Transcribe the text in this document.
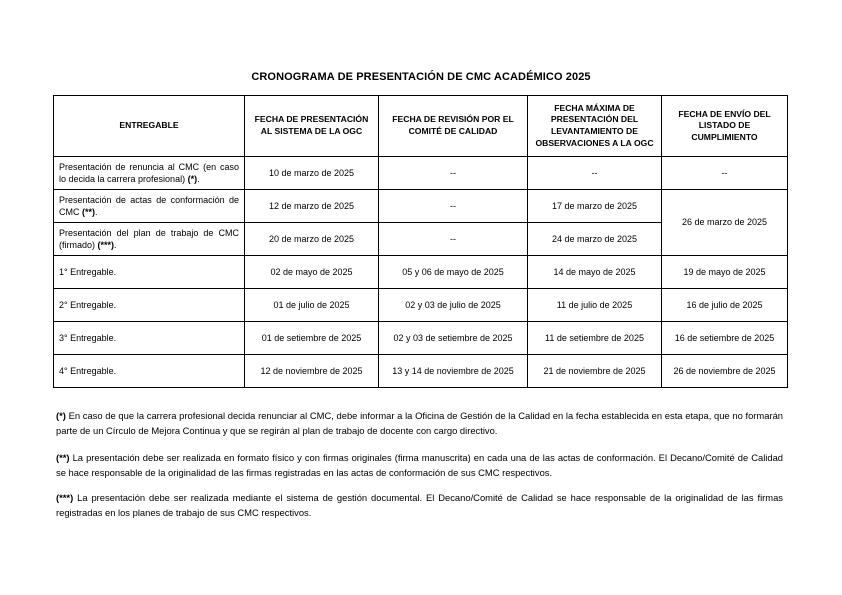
CRONOGRAMA DE PRESENTACIÓN DE CMC ACADÉMICO 2025
ENTREGABLE	FECHA DE PRESENTACIÓN AL SISTEMA DE LA OGC	FECHA DE REVISIÓN POR EL COMITÉ DE CALIDAD	FECHA MÁXIMA DE PRESENTACIÓN DEL LEVANTAMIENTO DE OBSERVACIONES A LA OGC	FECHA DE ENVÍO DEL LISTADO DE CUMPLIMIENTO
Presentación de renuncia al CMC (en caso lo decida la carrera profesional) (*).	10 de marzo de 2025	--	--	--
Presentación de actas de conformación de CMC (**).	12 de marzo de 2025	--	17 de marzo de 2025	26 de marzo de 2025
Presentación del plan de trabajo de CMC (firmado) (***).	20 de marzo de 2025	--	24 de marzo de 2025	
1° Entregable.	02 de mayo de 2025	05 y 06 de mayo de 2025	14 de mayo de 2025	19 de mayo de 2025
2° Entregable.	01 de julio de 2025	02 y 03 de julio de 2025	11 de julio de 2025	16 de julio de 2025
3° Entregable.	01 de setiembre de 2025	02 y 03 de setiembre de 2025	11 de setiembre de 2025	16 de setiembre de 2025
4° Entregable.	12 de noviembre de 2025	13 y 14 de noviembre de 2025	21 de noviembre de 2025	26 de noviembre de 2025

(*) En caso de que la carrera profesional decida renunciar al CMC, debe informar a la Oficina de Gestión de la Calidad en la fecha establecida en esta etapa, que no formarán parte de un Círculo de Mejora Continua y que se regirán al plan de trabajo de docente con cargo directivo.

(**) La presentación debe ser realizada en formato físico y con firmas originales (firma manuscrita) en cada una de las actas de conformación. El Decano/Comité de Calidad se hace responsable de la originalidad de las firmas registradas en las actas de conformación de sus CMC respectivos.

(***) La presentación debe ser realizada mediante el sistema de gestión documental. El Decano/Comité de Calidad se hace responsable de la originalidad de las firmas registradas en los planes de trabajo de sus CMC respectivos.
